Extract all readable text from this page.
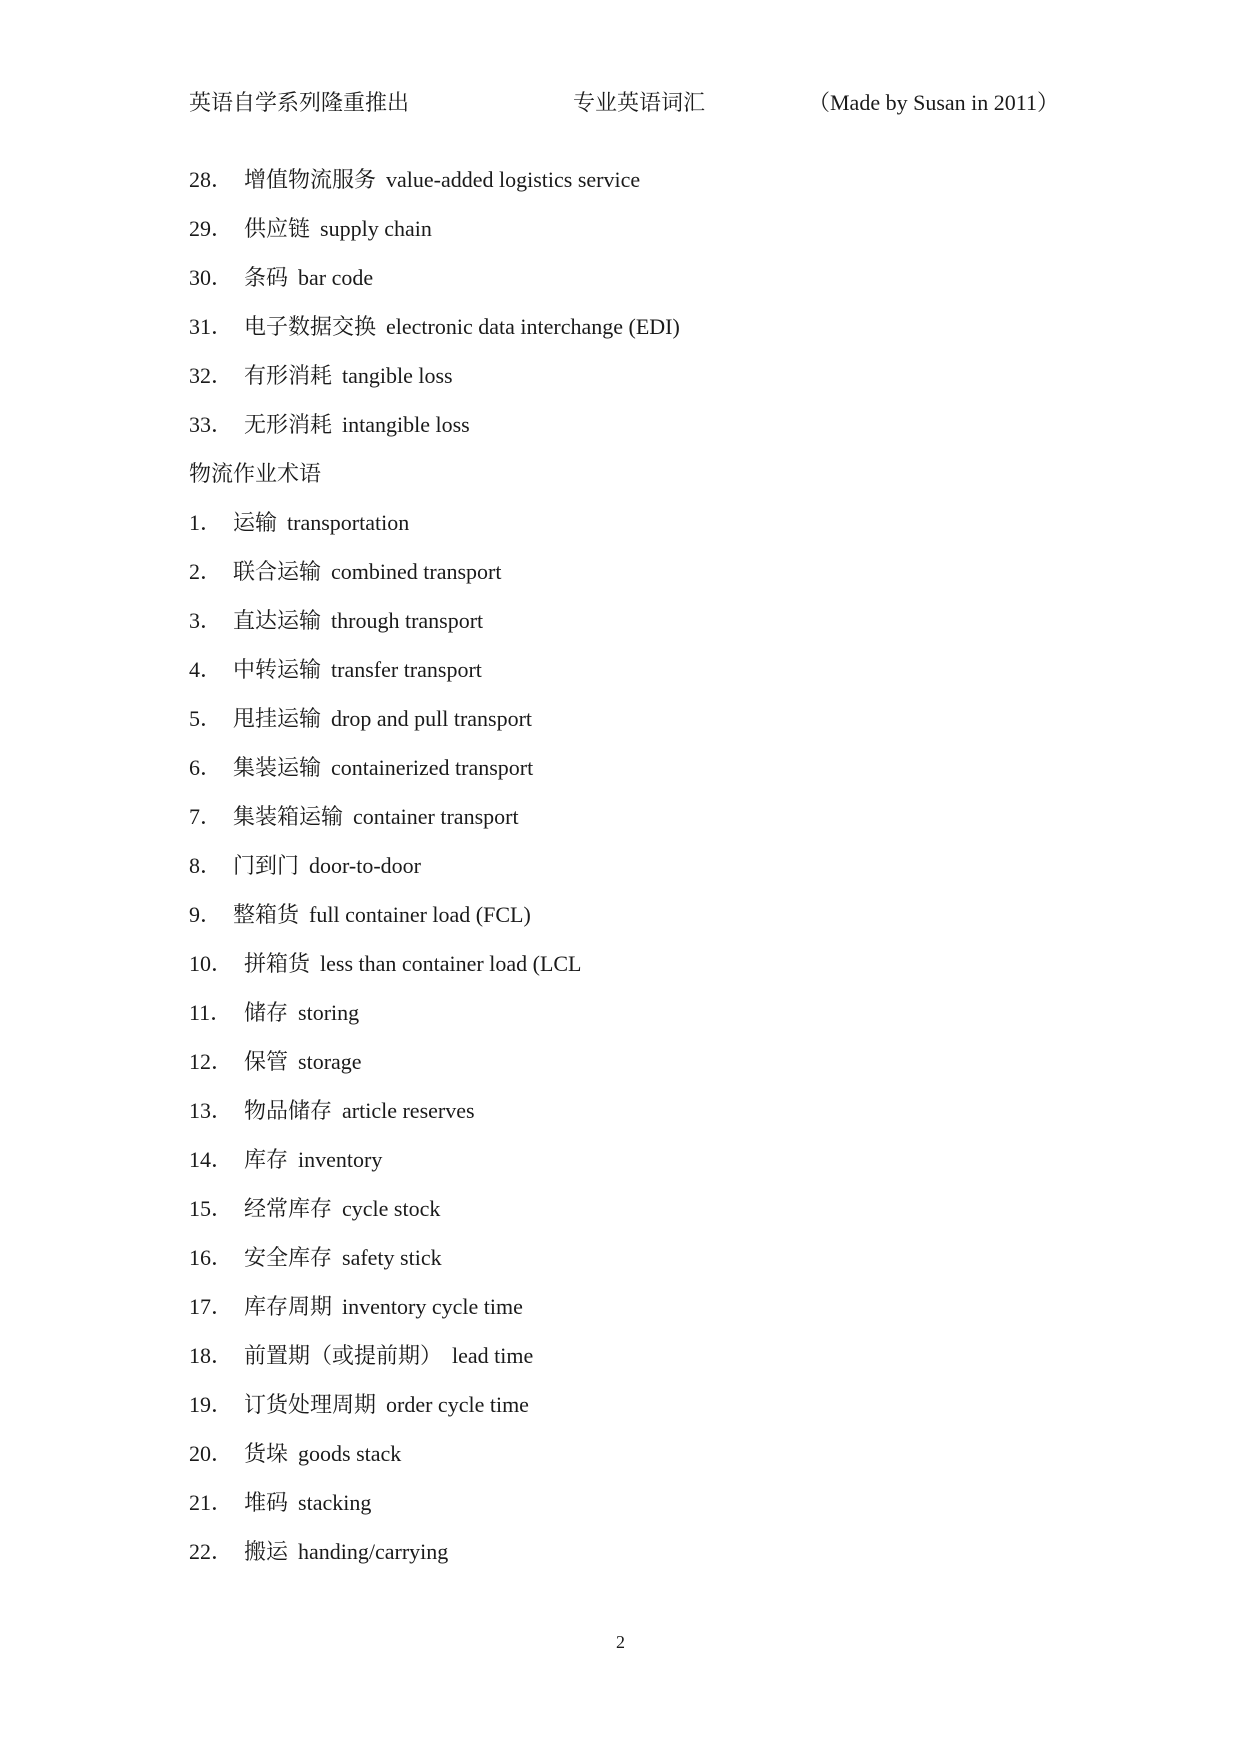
英语自学系列隆重推出	专业英语词汇	（Made by Susan in 2011）
28． 增值物流服务 value-added logistics service
29． 供应链 supply chain
30． 条码 bar code
31． 电子数据交换 electronic data interchange (EDI)
32． 有形消耗 tangible loss
33． 无形消耗 intangible loss
物流作业术语
1． 运输 transportation
2． 联合运输 combined transport
3． 直达运输 through transport
4． 中转运输 transfer transport
5． 甩挂运输 drop and pull transport
6． 集装运输 containerized transport
7． 集装箱运输 container transport
8． 门到门 door-to-door
9． 整箱货 full container load (FCL)
10． 拼箱货 less than container load (LCL
11． 储存 storing
12． 保管 storage
13． 物品储存 article reserves
14． 库存 inventory
15． 经常库存 cycle stock
16． 安全库存 safety stick
17． 库存周期 inventory cycle time
18． 前置期（或提前期） lead time
19． 订货处理周期 order cycle time
20． 货垛 goods stack
21． 堆码 stacking
22． 搬运 handing/carrying
2
